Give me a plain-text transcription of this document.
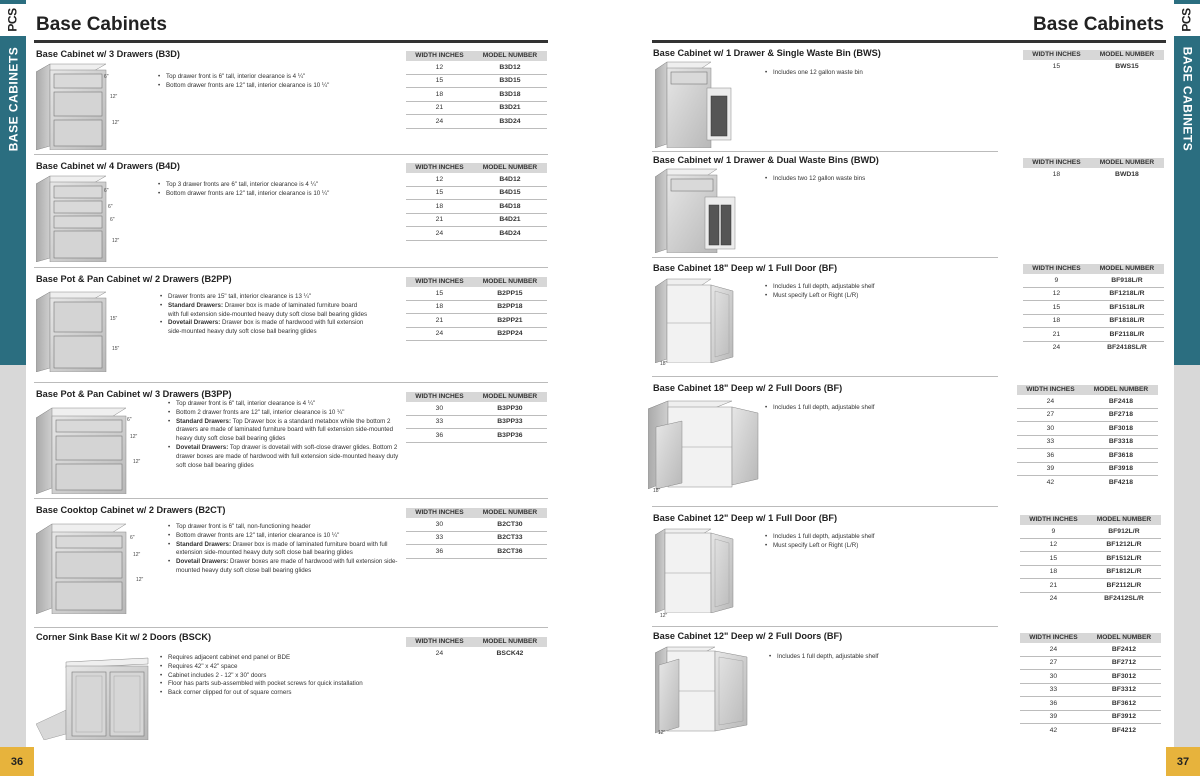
PCS
BASE CABINETS
36
PCS
BASE CABINETS
37
Base Cabinets	Base Cabinets
Base Cabinet w/ 3 Drawers (B3D)
6"
12"
12"
• Top drawer front is 6" tall, interior clearance is 4 ¼"
• Bottom drawer fronts are 12" tall, interior clearance is 10 ¼"
WIDTH INCHES	MODEL NUMBER
12	B3D12
15	B3D15
18	B3D18
21	B3D21
24	B3D24
Base Cabinet w/ 4 Drawers (B4D)
6"
6"
6"
12"
• Top 3 drawer fronts are 6" tall, interior clearance is 4 ¼"
• Bottom drawer fronts are 12" tall, interior clearance is 10 ¼"
WIDTH INCHES	MODEL NUMBER
12	B4D12
15	B4D15
18	B4D18
21	B4D21
24	B4D24
Base Pot & Pan Cabinet w/ 2 Drawers (B2PP)
15"
15"
• Drawer fronts are 15" tall, interior clearance is 13 ¼"
• Standard Drawers: Drawer box is made of laminated furniture board with full extension side-mounted heavy duty soft close ball bearing glides
• Dovetail Drawers: Drawer box is made of hardwood with full extension side-mounted heavy duty soft close ball bearing glides
WIDTH INCHES	MODEL NUMBER
15	B2PP15
18	B2PP18
21	B2PP21
24	B2PP24
Base Pot & Pan Cabinet w/ 3 Drawers (B3PP)
6"
12"
12"
• Top drawer front is 6" tall, interior clearance is 4 ¼"
• Bottom 2 drawer fronts are 12" tall, interior clearance is 10 ¼"
• Standard Drawers: Top Drawer box is a standard metabox while the bottom 2 drawers are made of laminated furniture board with full extension side-mounted heavy duty soft close ball bearing glides
• Dovetail Drawers: Top drawer is dovetail with soft-close drawer glides. Bottom 2 drawer boxes are made of hardwood with full extension side-mounted heavy duty soft close ball bearing glides
WIDTH INCHES	MODEL NUMBER
30	B3PP30
33	B3PP33
36	B3PP36
Base Cooktop Cabinet w/ 2 Drawers (B2CT)
6"
12"
12"
• Top drawer front is 6" tall, non-functioning header
• Bottom drawer fronts are 12" tall, interior clearance is 10 ¼"
• Standard Drawers: Drawer box is made of laminated furniture board with full extension side-mounted heavy duty soft close ball bearing glides
• Dovetail Drawers: Drawer boxes are made of hardwood with full extension side-mounted heavy duty soft close ball bearing glides
WIDTH INCHES	MODEL NUMBER
30	B2CT30
33	B2CT33
36	B2CT36
Corner Sink Base Kit w/ 2 Doors (BSCK)
• Requires adjacent cabinet end panel or BDE
• Requires 42" x 42" space
• Cabinet includes 2 - 12" x 30" doors
• Floor has parts sub-assembled with pocket screws for quick installation
• Back corner clipped for out of square corners
WIDTH INCHES	MODEL NUMBER
24	BSCK42
Base Cabinet w/ 1 Drawer & Single Waste Bin (BWS)
• Includes one 12 gallon waste bin
WIDTH INCHES	MODEL NUMBER
15	BWS15
Base Cabinet w/ 1 Drawer & Dual Waste Bins (BWD)
• Includes two 12 gallon waste bins
WIDTH INCHES	MODEL NUMBER
18	BWD18
Base Cabinet 18" Deep w/ 1 Full Door (BF)
18"
• Includes 1 full depth, adjustable shelf
• Must specify Left or Right (L/R)
WIDTH INCHES	MODEL NUMBER
9	BF918L/R
12	BF1218L/R
15	BF1518L/R
18	BF1818L/R
21	BF2118L/R
24	BF2418SL/R
Base Cabinet 18" Deep w/ 2 Full Doors (BF)
18"
• Includes 1 full depth, adjustable shelf
WIDTH INCHES	MODEL NUMBER
24	BF2418
27	BF2718
30	BF3018
33	BF3318
36	BF3618
39	BF3918
42	BF4218
Base Cabinet 12" Deep w/ 1 Full Door (BF)
12"
• Includes 1 full depth, adjustable shelf
• Must specify Left or Right (L/R)
WIDTH INCHES	MODEL NUMBER
9	BF912L/R
12	BF1212L/R
15	BF1512L/R
18	BF1812L/R
21	BF2112L/R
24	BF2412SL/R
Base Cabinet 12" Deep w/ 2 Full Doors (BF)
12"
• Includes 1 full depth, adjustable shelf
WIDTH INCHES	MODEL NUMBER
24	BF2412
27	BF2712
30	BF3012
33	BF3312
36	BF3612
39	BF3912
42	BF4212
